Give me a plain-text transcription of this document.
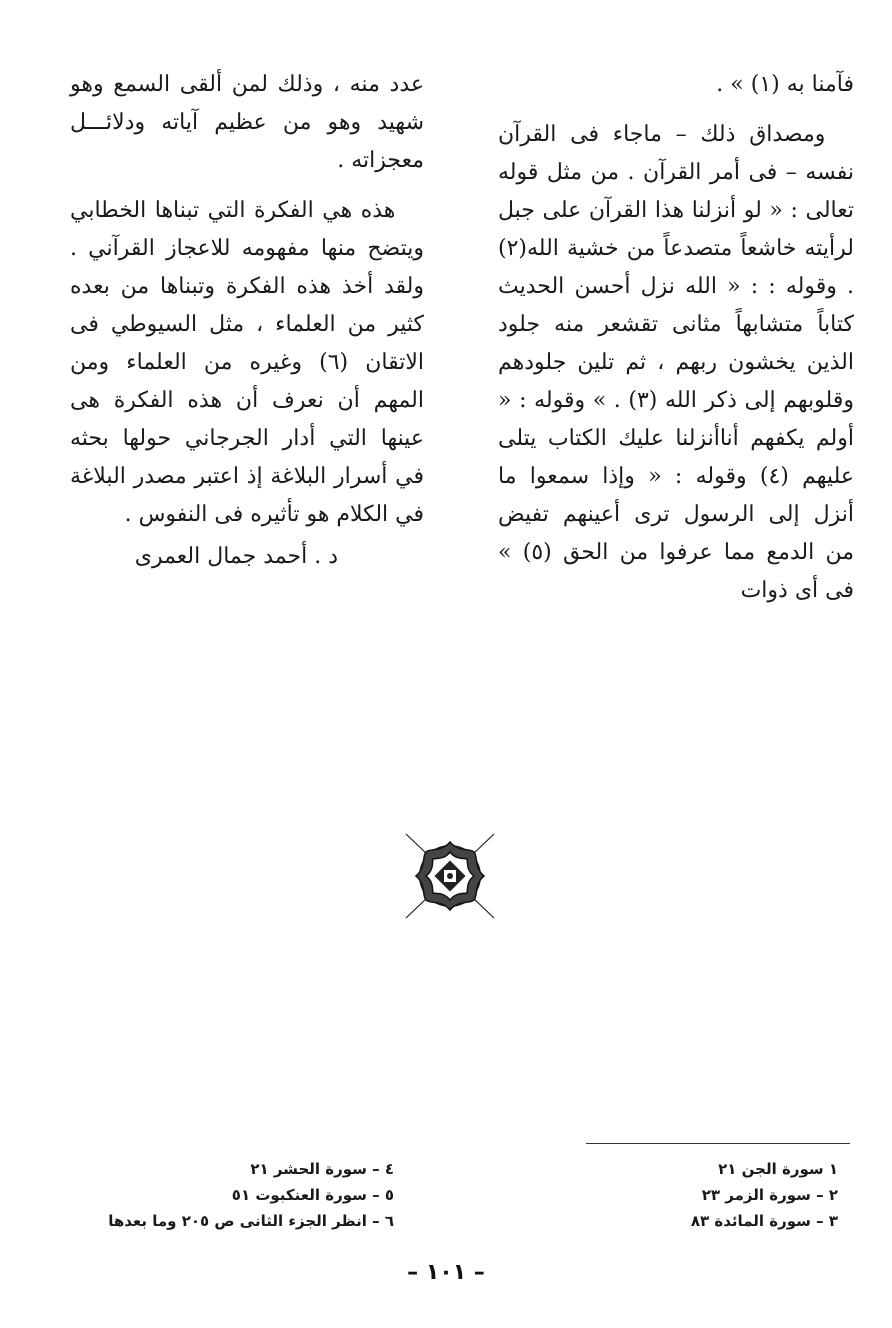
فآمنا به (١) » .

ومصداق ذلك – ماجاء فى القرآن نفسه – فى أمر القرآن . من مثل قوله تعالى : « لو أنزلنا هذا القرآن على جبل لرأيته خاشعاً متصدعاً من خشية الله(٢) . وقوله : : « الله نزل أحسن الحديث كتاباً متشابهاً مثانى تقشعر منه جلود الذين يخشون ربهم ، ثم تلين جلودهم وقلوبهم إلى ذكر الله (٣) . » وقوله : « أولم يكفهم أناأنزلنا عليك الكتاب يتلى عليهم (٤) وقوله : « وإذا سمعوا ما أنزل إلى الرسول ترى أعينهم تفيض من الدمع مما عرفوا من الحق (٥) » فى أى ذوات

عدد منه ، وذلك لمن ألقى السمع وهو شهيد وهو من عظيم آياته ودلائـــل معجزاته .

هذه هي الفكرة التي تبناها الخطابي ويتضح منها مفهومه للاعجاز القرآني . ولقد أخذ هذه الفكرة وتبناها من بعده كثير من العلماء ، مثل السيوطي فى الاتقان (٦) وغيره من العلماء ومن المهم أن نعرف أن هذه الفكرة هى عينها التي أدار الجرجاني حولها بحثه في أسرار البلاغة إذ اعتبر مصدر البلاغة في الكلام هو تأثيره فى النفوس .

د . أحمد جمال العمرى

١ سورة الجن ٢١
٢ – سورة الزمر ٢٣
٣ – سورة المائدة ٨٣
٤ – سورة الحشر ٢١
٥ – سورة العنكبوت ٥١
٦ – انظر الجزء الثانى ص ٢٠٥ وما بعدها
– ١٠١ –
